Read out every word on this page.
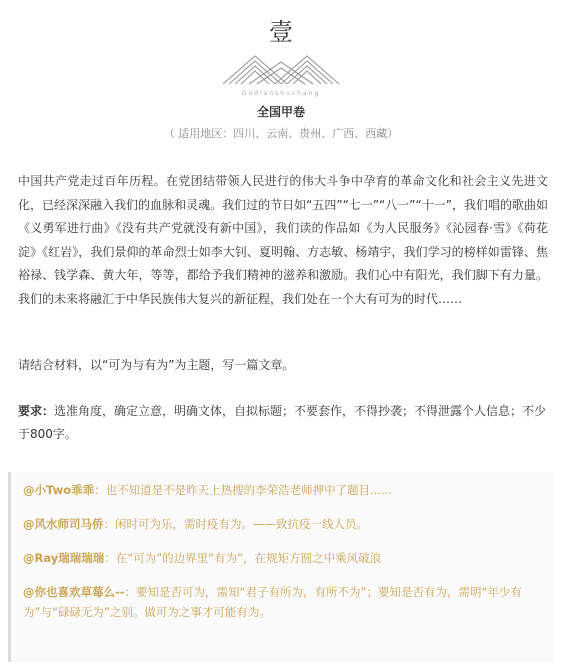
壹
Gudianshuchang
全国甲卷
（ 适用地区：四川、云南、贵州、广西、西藏）

中国共产党走过百年历程。在党团结带领人民进行的伟大斗争中孕育的革命文化和社会主义先进文化，已经深深融入我们的血脉和灵魂。我们过的节日如“五四”“七一”“八一”“十一”，我们唱的歌曲如《义勇军进行曲》《没有共产党就没有新中国》，我们读的作品如《为人民服务》《沁园春·雪》《荷花淀》《红岩》，我们景仰的革命烈士如李大钊、夏明翰、方志敏、杨靖宇，我们学习的榜样如雷锋、焦裕禄、钱学森、黄大年，等等，都给予我们精神的滋养和激励。我们心中有阳光，我们脚下有力量。我们的未来将融汇于中华民族伟大复兴的新征程，我们处在一个大有可为的时代……

请结合材料，以“可为与有为”为主题，写一篇文章。

要求：选准角度，确定立意，明确文体，自拟标题；不要套作，不得抄袭；不得泄露个人信息；不少于800字。

@小Two乖乖：也不知道是不是昨天上热搜的李荣浩老师押中了题目......
@风水师司马侨：闲时可为乐，需时疫有为。——致抗疫一线人员。
@Ray瑞瑞瑞瑞：在“可为”的边界里“有为”，在规矩方圆之中乘风破浪
@你也喜欢草莓么--：要知是否可为，需知“君子有所为，有所不为”；要知是否有为，需明“年少有为”与“碌碌无为”之别。做可为之事才可能有为。
